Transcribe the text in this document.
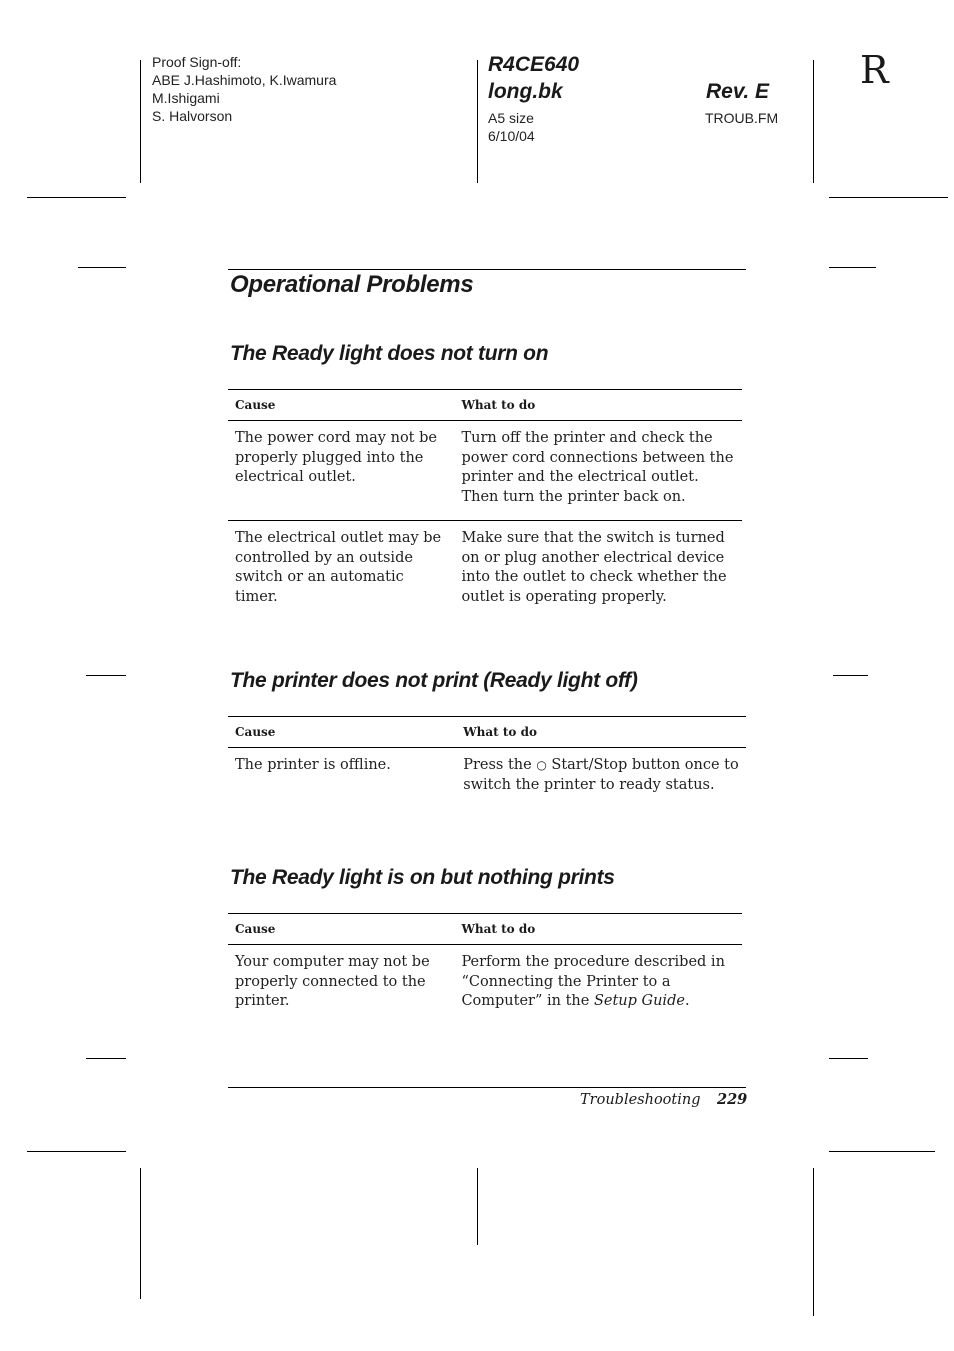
Proof Sign-off:
ABE J.Hashimoto, K.Iwamura
M.Ishigami
S. Halvorson
R4CE640
long.bk	Rev. E
A5 size
6/10/04
TROUB.FM
R
Operational Problems
The Ready light does not turn on
Cause	What to do
The power cord may not be properly plugged into the electrical outlet.	Turn off the printer and check the power cord connections between the printer and the electrical outlet. Then turn the printer back on.
The electrical outlet may be controlled by an outside switch or an automatic timer.	Make sure that the switch is turned on or plug another electrical device into the outlet to check whether the outlet is operating properly.
The printer does not print (Ready light off)
Cause	What to do
The printer is offline.	Press the ○ Start/Stop button once to switch the printer to ready status.
The Ready light is on but nothing prints
Cause	What to do
Your computer may not be properly connected to the printer.	Perform the procedure described in “Connecting the Printer to a Computer” in the Setup Guide.
Troubleshooting 229
